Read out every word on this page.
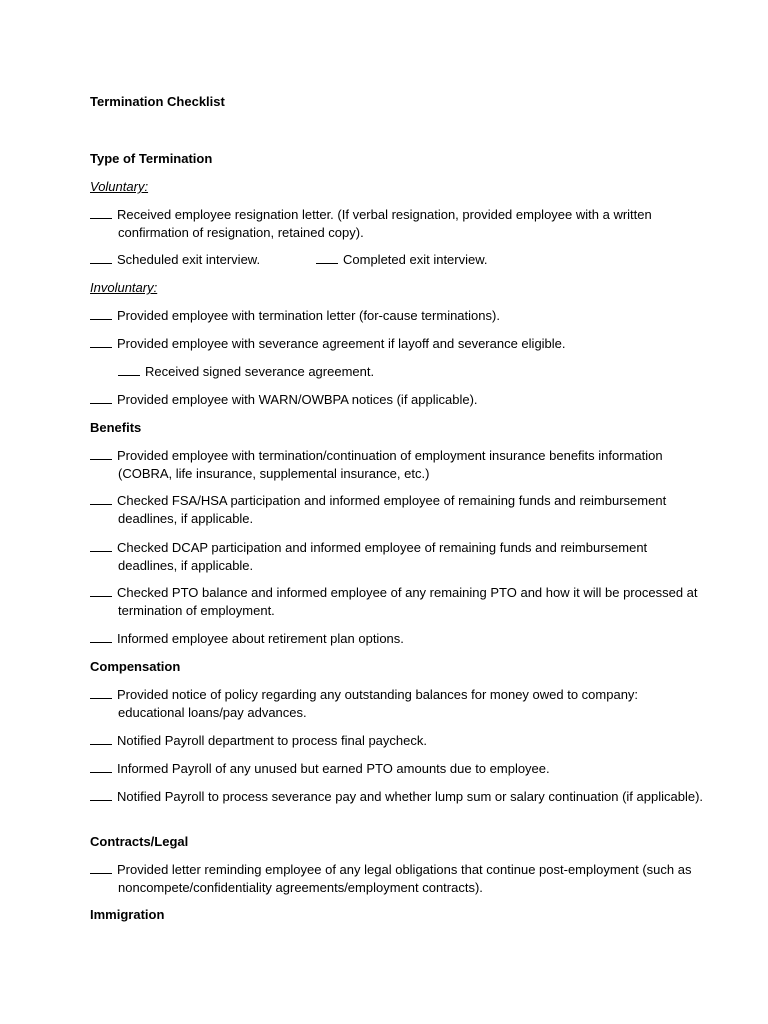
Termination Checklist
Type of Termination
Voluntary:
Received employee resignation letter. (If verbal resignation, provided employee with a written confirmation of resignation, retained copy).
Scheduled exit interview.	Completed exit interview.
Involuntary:
Provided employee with termination letter (for-cause terminations).
Provided employee with severance agreement if layoff and severance eligible.
Received signed severance agreement.
Provided employee with WARN/OWBPA notices (if applicable).
Benefits
Provided employee with termination/continuation of employment insurance benefits information (COBRA, life insurance, supplemental insurance, etc.)
Checked FSA/HSA participation and informed employee of remaining funds and reimbursement deadlines, if applicable.
Checked DCAP participation and informed employee of remaining funds and reimbursement deadlines, if applicable.
Checked PTO balance and informed employee of any remaining PTO and how it will be processed at termination of employment.
Informed employee about retirement plan options.
Compensation
Provided notice of policy regarding any outstanding balances for money owed to company: educational loans/pay advances.
Notified Payroll department to process final paycheck.
Informed Payroll of any unused but earned PTO amounts due to employee.
Notified Payroll to process severance pay and whether lump sum or salary continuation (if applicable).
Contracts/Legal
Provided letter reminding employee of any legal obligations that continue post-employment (such as noncompete/confidentiality agreements/employment contracts).
Immigration
